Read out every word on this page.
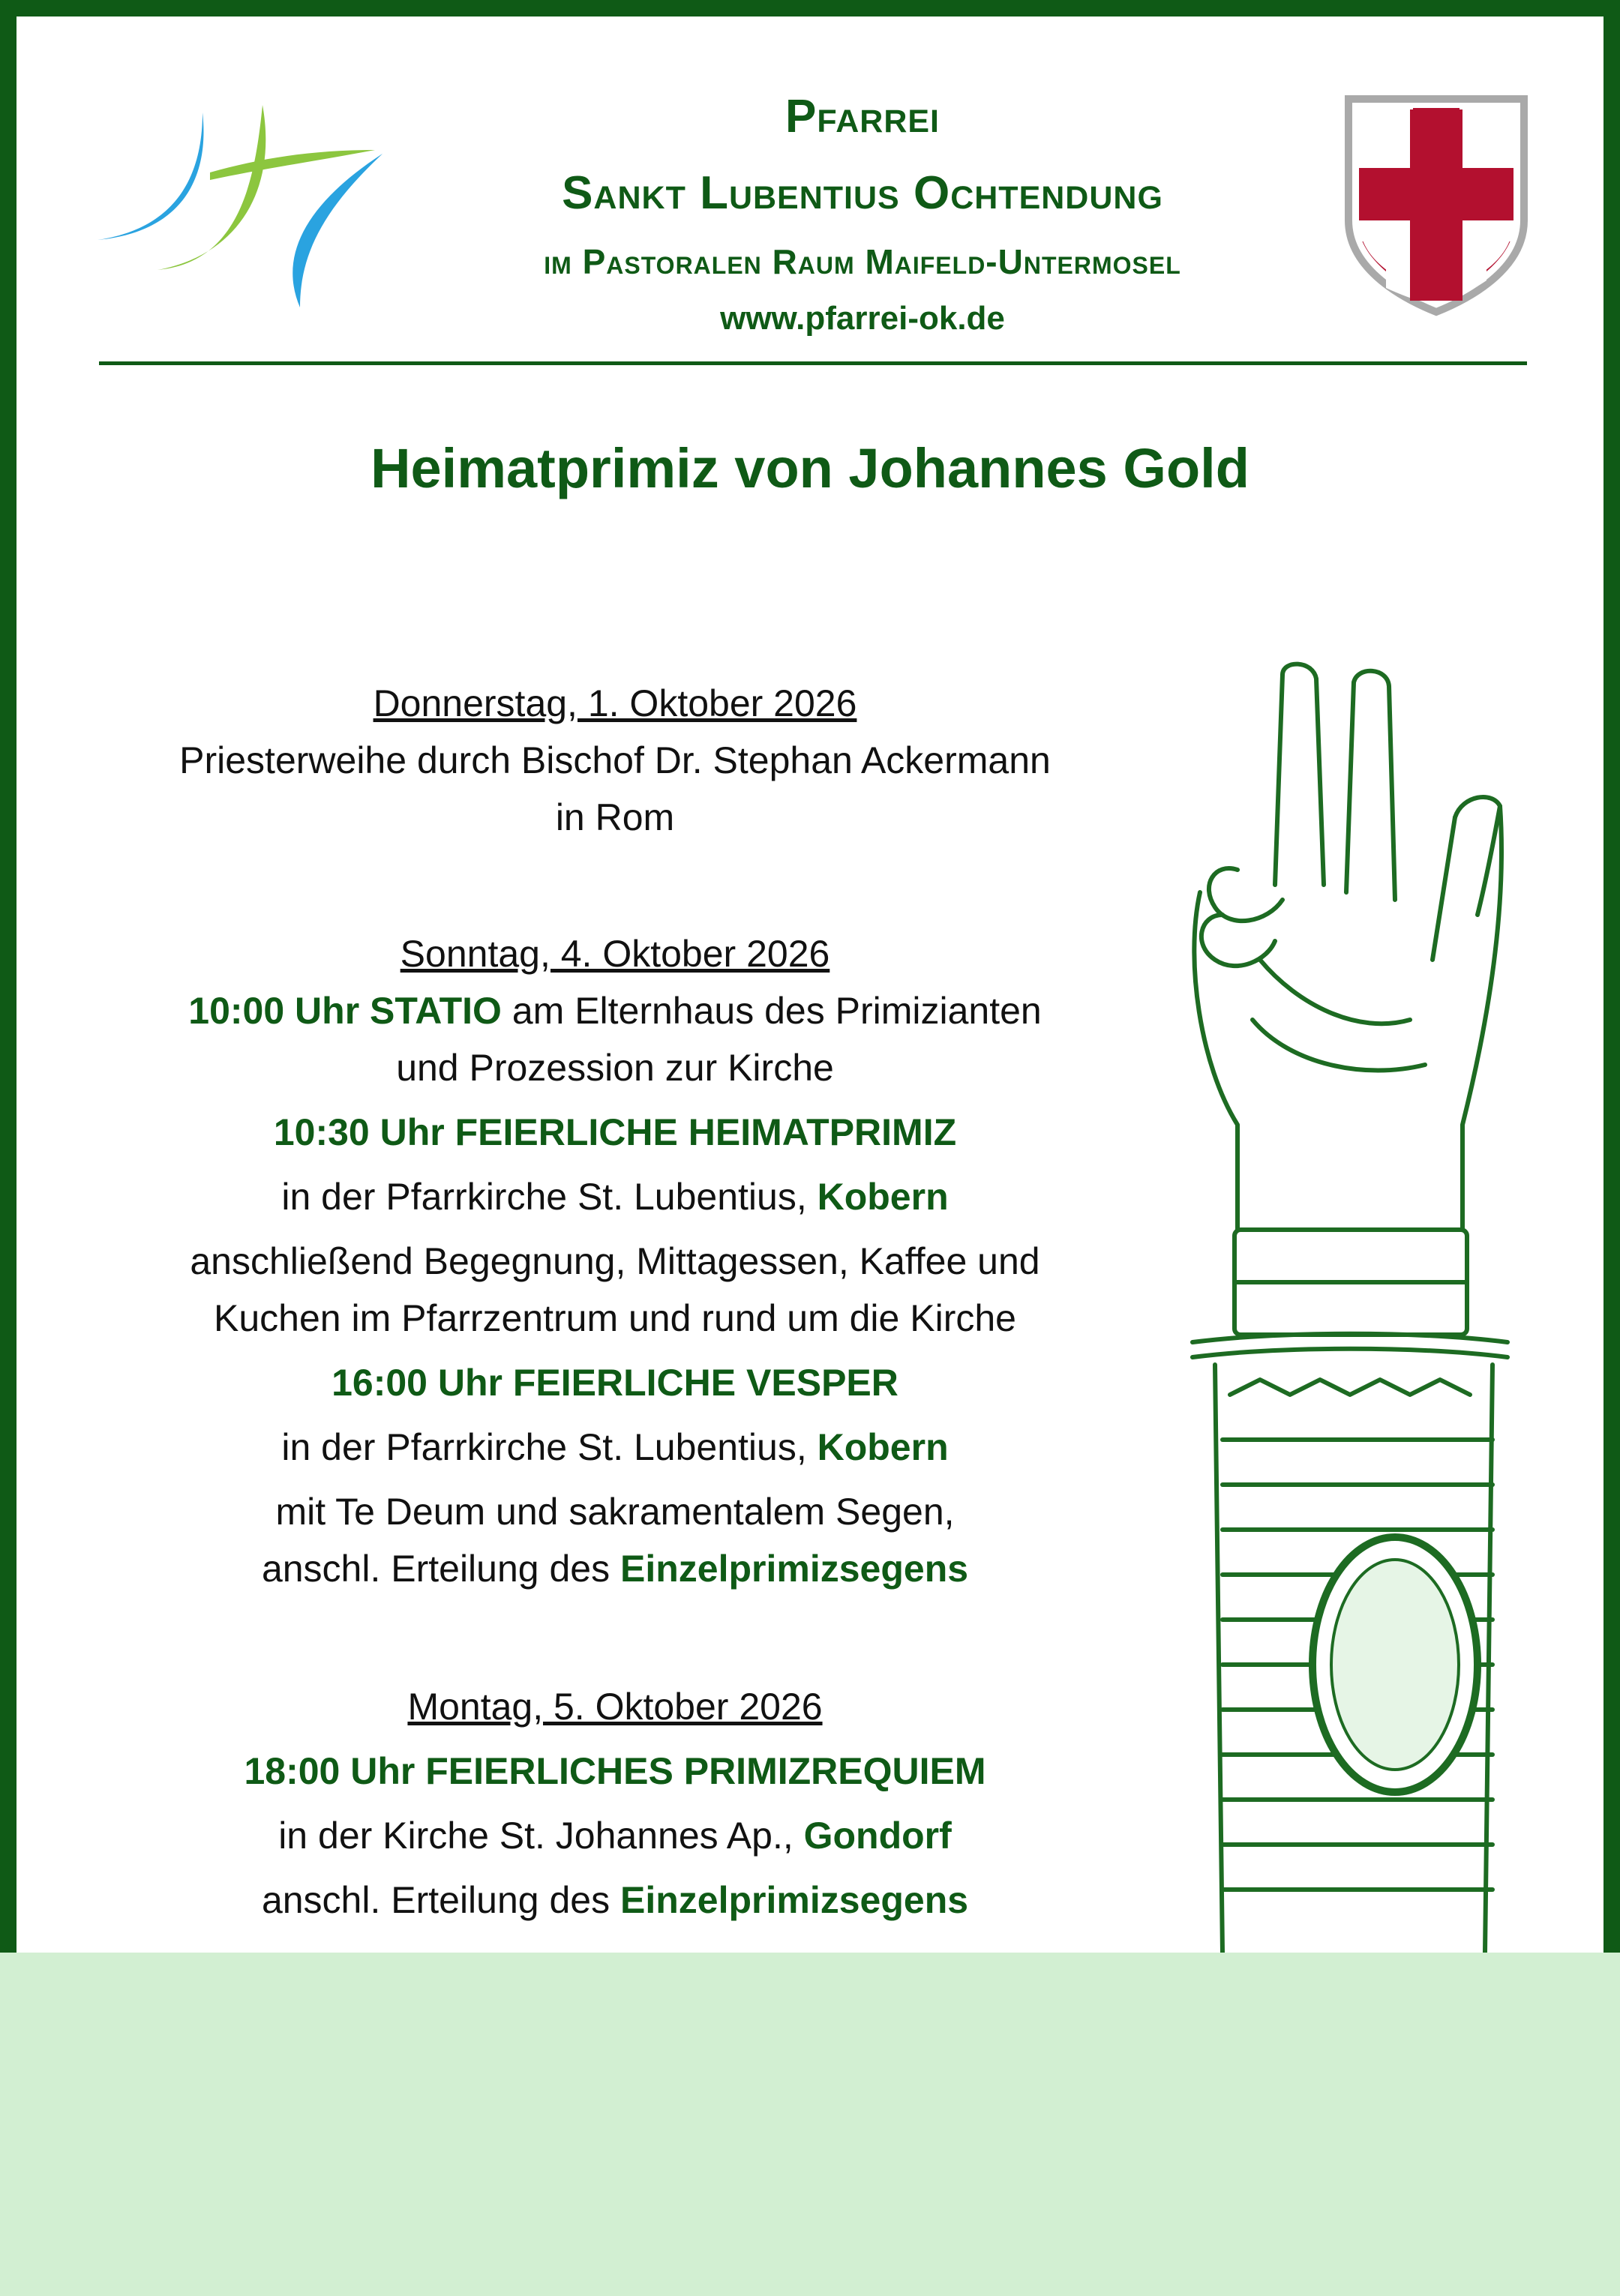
Pfarrei
Sankt Lubentius Ochtendung
im Pastoralen Raum Maifeld-Untermosel
www.pfarrei-ok.de
Heimatprimiz von Johannes Gold
Donnerstag, 1. Oktober 2026
Priesterweihe durch Bischof Dr. Stephan Ackermann
in Rom
Sonntag, 4. Oktober 2026
10:00 Uhr STATIO am Elternhaus des Primizianten
und Prozession zur Kirche
10:30 Uhr FEIERLICHE HEIMATPRIMIZ
in der Pfarrkirche St. Lubentius, Kobern
anschließend Begegnung, Mittagessen, Kaffee und
Kuchen im Pfarrzentrum und rund um die Kirche
16:00 Uhr FEIERLICHE VESPER
in der Pfarrkirche St. Lubentius, Kobern
mit Te Deum und sakramentalem Segen,
anschl. Erteilung des Einzelprimizsegens
Montag, 5. Oktober 2026
18:00 Uhr FEIERLICHES PRIMIZREQUIEM
in der Kirche St. Johannes Ap., Gondorf
anschl. Erteilung des Einzelprimizsegens
